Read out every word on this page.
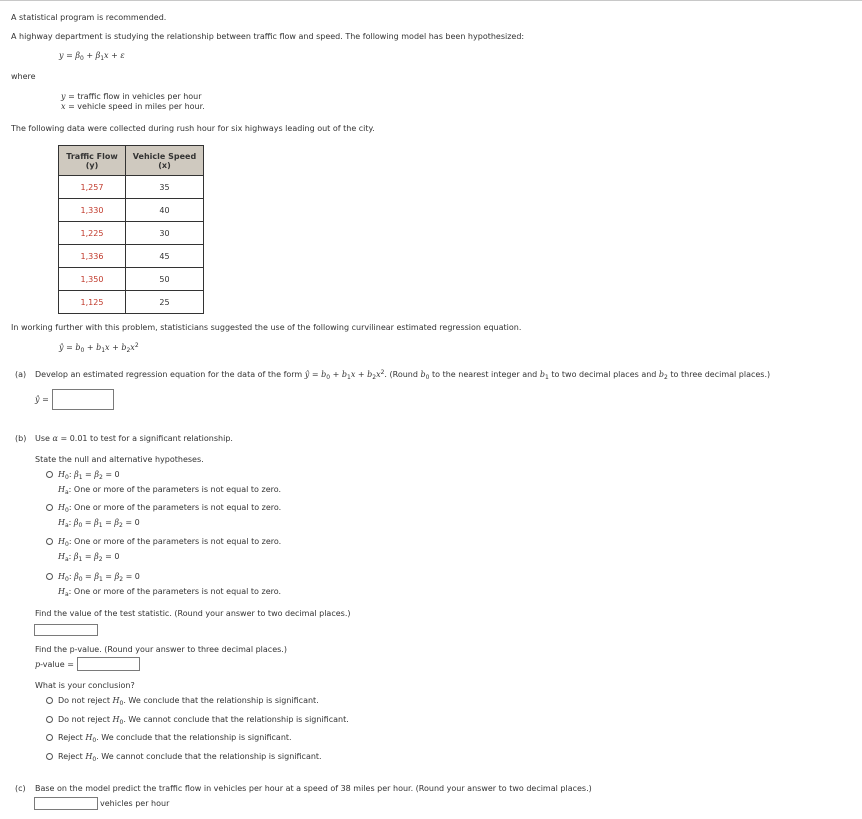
A statistical program is recommended.
A highway department is studying the relationship between traffic flow and speed. The following model has been hypothesized:
$y = \beta_0 + \beta_1x + \varepsilon$
where
y = traffic flow in vehicles per hour
x = vehicle speed in miles per hour.
The following data were collected during rush hour for six highways leading out of the city.
Traffic Flow
(y)	Vehicle Speed
(x)
1,257	35
1,330	40
1,225	30
1,336	45
1,350	50
1,125	25
In working further with this problem, statisticians suggested the use of the following curvilinear estimated regression equation.
ŷ = $b_0 + b_1x + b_2x^2$
(a) Develop an estimated regression equation for the data of the form ŷ = $b_0 + b_1x + b_2x^2$. (Round $b_0$ to the nearest integer and $b_1$ to two decimal places and $b_2$ to three decimal places.)
ŷ =
(b) Use α = 0.01 to test for a significant relationship.
State the null and alternative hypotheses.
$H_0$: $\beta_1 = \beta_2 = 0$
$H_a$: One or more of the parameters is not equal to zero.
$H_0$: One or more of the parameters is not equal to zero.
$H_a$: $\beta_0 = \beta_1 = \beta_2 = 0$
$H_0$: One or more of the parameters is not equal to zero.
$H_a$: $\beta_1 = \beta_2 = 0$
$H_0$: $\beta_0 = \beta_1 = \beta_2 = 0$
$H_a$: One or more of the parameters is not equal to zero.
Find the value of the test statistic. (Round your answer to two decimal places.)
Find the p-value. (Round your answer to three decimal places.)
p-value =
What is your conclusion?
Do not reject $H_0$. We conclude that the relationship is significant.
Do not reject $H_0$. We cannot conclude that the relationship is significant.
Reject $H_0$. We conclude that the relationship is significant.
Reject $H_0$. We cannot conclude that the relationship is significant.
(c) Base on the model predict the traffic flow in vehicles per hour at a speed of 38 miles per hour. (Round your answer to two decimal places.)
vehicles per hour
